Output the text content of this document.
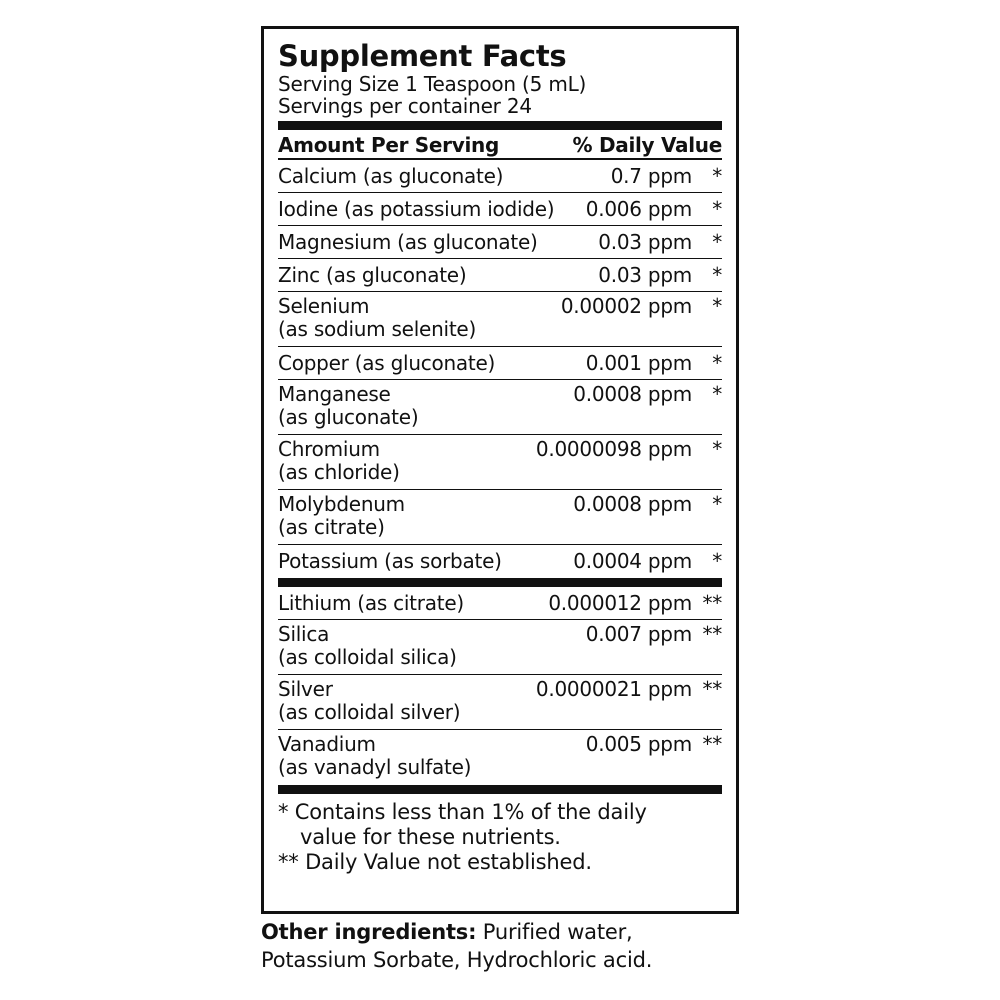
Supplement Facts
Serving Size 1 Teaspoon (5 mL)
Servings per container 24
Amount Per Serving	% Daily Value
Calcium (as gluconate)	0.7 ppm	*
Iodine (as potassium iodide)	0.006 ppm	*
Magnesium (as gluconate)	0.03 ppm	*
Zinc (as gluconate)	0.03 ppm	*
Selenium
(as sodium selenite)
0.00002 ppm	*
Copper (as gluconate)	0.001 ppm	*
Manganese
(as gluconate)
0.0008 ppm	*
Chromium
(as chloride)
0.0000098 ppm	*
Molybdenum
(as citrate)
0.0008 ppm	*
Potassium (as sorbate)	0.0004 ppm	*
Lithium (as citrate)	0.000012 ppm **
Silica
(as colloidal silica)
0.007 ppm **
Silver
(as colloidal silver)
0.0000021 ppm **
Vanadium
(as vanadyl sulfate)
0.005 ppm **
* Contains less than 1% of the daily
value for these nutrients.
** Daily Value not established.
Other ingredients: Purified water,
Potassium Sorbate, Hydrochloric acid.
